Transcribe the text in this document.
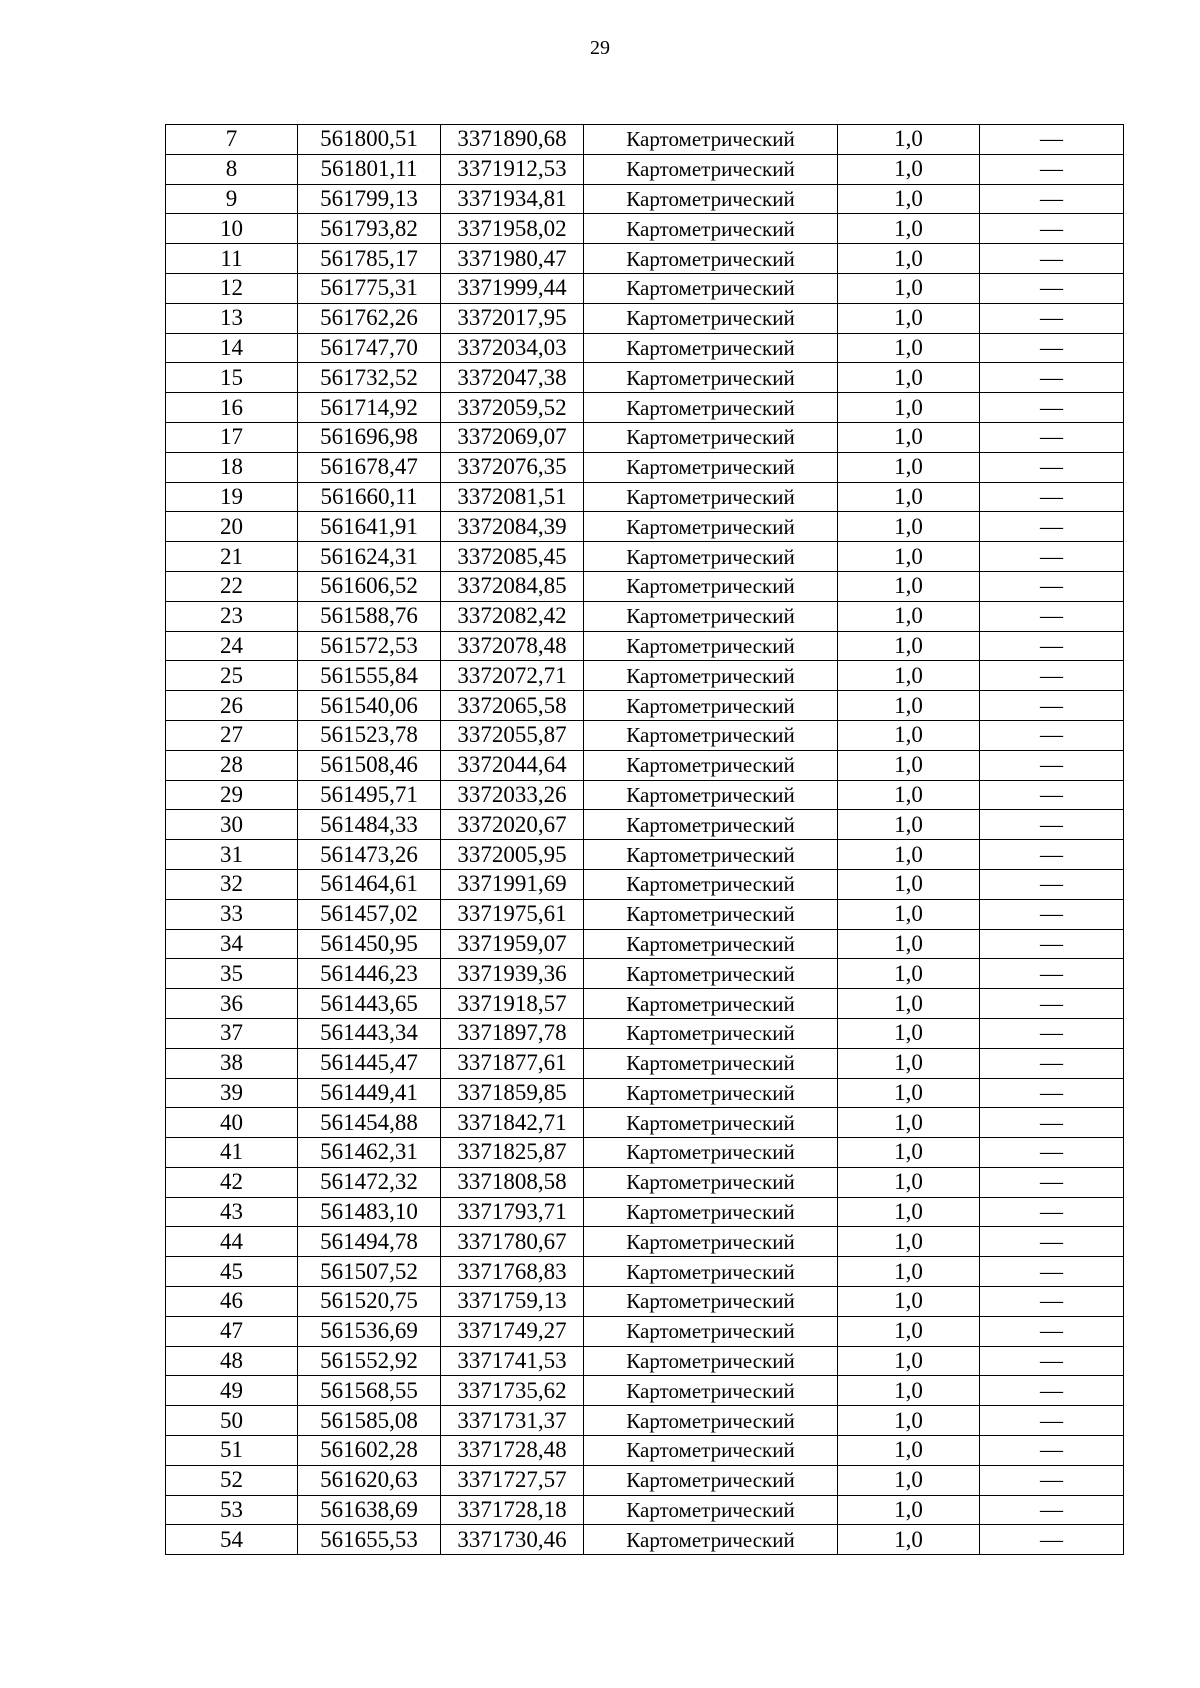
29
7	561800,51	3371890,68	Картометрический	1,0	—
8	561801,11	3371912,53	Картометрический	1,0	—
9	561799,13	3371934,81	Картометрический	1,0	—
10	561793,82	3371958,02	Картометрический	1,0	—
11	561785,17	3371980,47	Картометрический	1,0	—
12	561775,31	3371999,44	Картометрический	1,0	—
13	561762,26	3372017,95	Картометрический	1,0	—
14	561747,70	3372034,03	Картометрический	1,0	—
15	561732,52	3372047,38	Картометрический	1,0	—
16	561714,92	3372059,52	Картометрический	1,0	—
17	561696,98	3372069,07	Картометрический	1,0	—
18	561678,47	3372076,35	Картометрический	1,0	—
19	561660,11	3372081,51	Картометрический	1,0	—
20	561641,91	3372084,39	Картометрический	1,0	—
21	561624,31	3372085,45	Картометрический	1,0	—
22	561606,52	3372084,85	Картометрический	1,0	—
23	561588,76	3372082,42	Картометрический	1,0	—
24	561572,53	3372078,48	Картометрический	1,0	—
25	561555,84	3372072,71	Картометрический	1,0	—
26	561540,06	3372065,58	Картометрический	1,0	—
27	561523,78	3372055,87	Картометрический	1,0	—
28	561508,46	3372044,64	Картометрический	1,0	—
29	561495,71	3372033,26	Картометрический	1,0	—
30	561484,33	3372020,67	Картометрический	1,0	—
31	561473,26	3372005,95	Картометрический	1,0	—
32	561464,61	3371991,69	Картометрический	1,0	—
33	561457,02	3371975,61	Картометрический	1,0	—
34	561450,95	3371959,07	Картометрический	1,0	—
35	561446,23	3371939,36	Картометрический	1,0	—
36	561443,65	3371918,57	Картометрический	1,0	—
37	561443,34	3371897,78	Картометрический	1,0	—
38	561445,47	3371877,61	Картометрический	1,0	—
39	561449,41	3371859,85	Картометрический	1,0	—
40	561454,88	3371842,71	Картометрический	1,0	—
41	561462,31	3371825,87	Картометрический	1,0	—
42	561472,32	3371808,58	Картометрический	1,0	—
43	561483,10	3371793,71	Картометрический	1,0	—
44	561494,78	3371780,67	Картометрический	1,0	—
45	561507,52	3371768,83	Картометрический	1,0	—
46	561520,75	3371759,13	Картометрический	1,0	—
47	561536,69	3371749,27	Картометрический	1,0	—
48	561552,92	3371741,53	Картометрический	1,0	—
49	561568,55	3371735,62	Картометрический	1,0	—
50	561585,08	3371731,37	Картометрический	1,0	—
51	561602,28	3371728,48	Картометрический	1,0	—
52	561620,63	3371727,57	Картометрический	1,0	—
53	561638,69	3371728,18	Картометрический	1,0	—
54	561655,53	3371730,46	Картометрический	1,0	—
